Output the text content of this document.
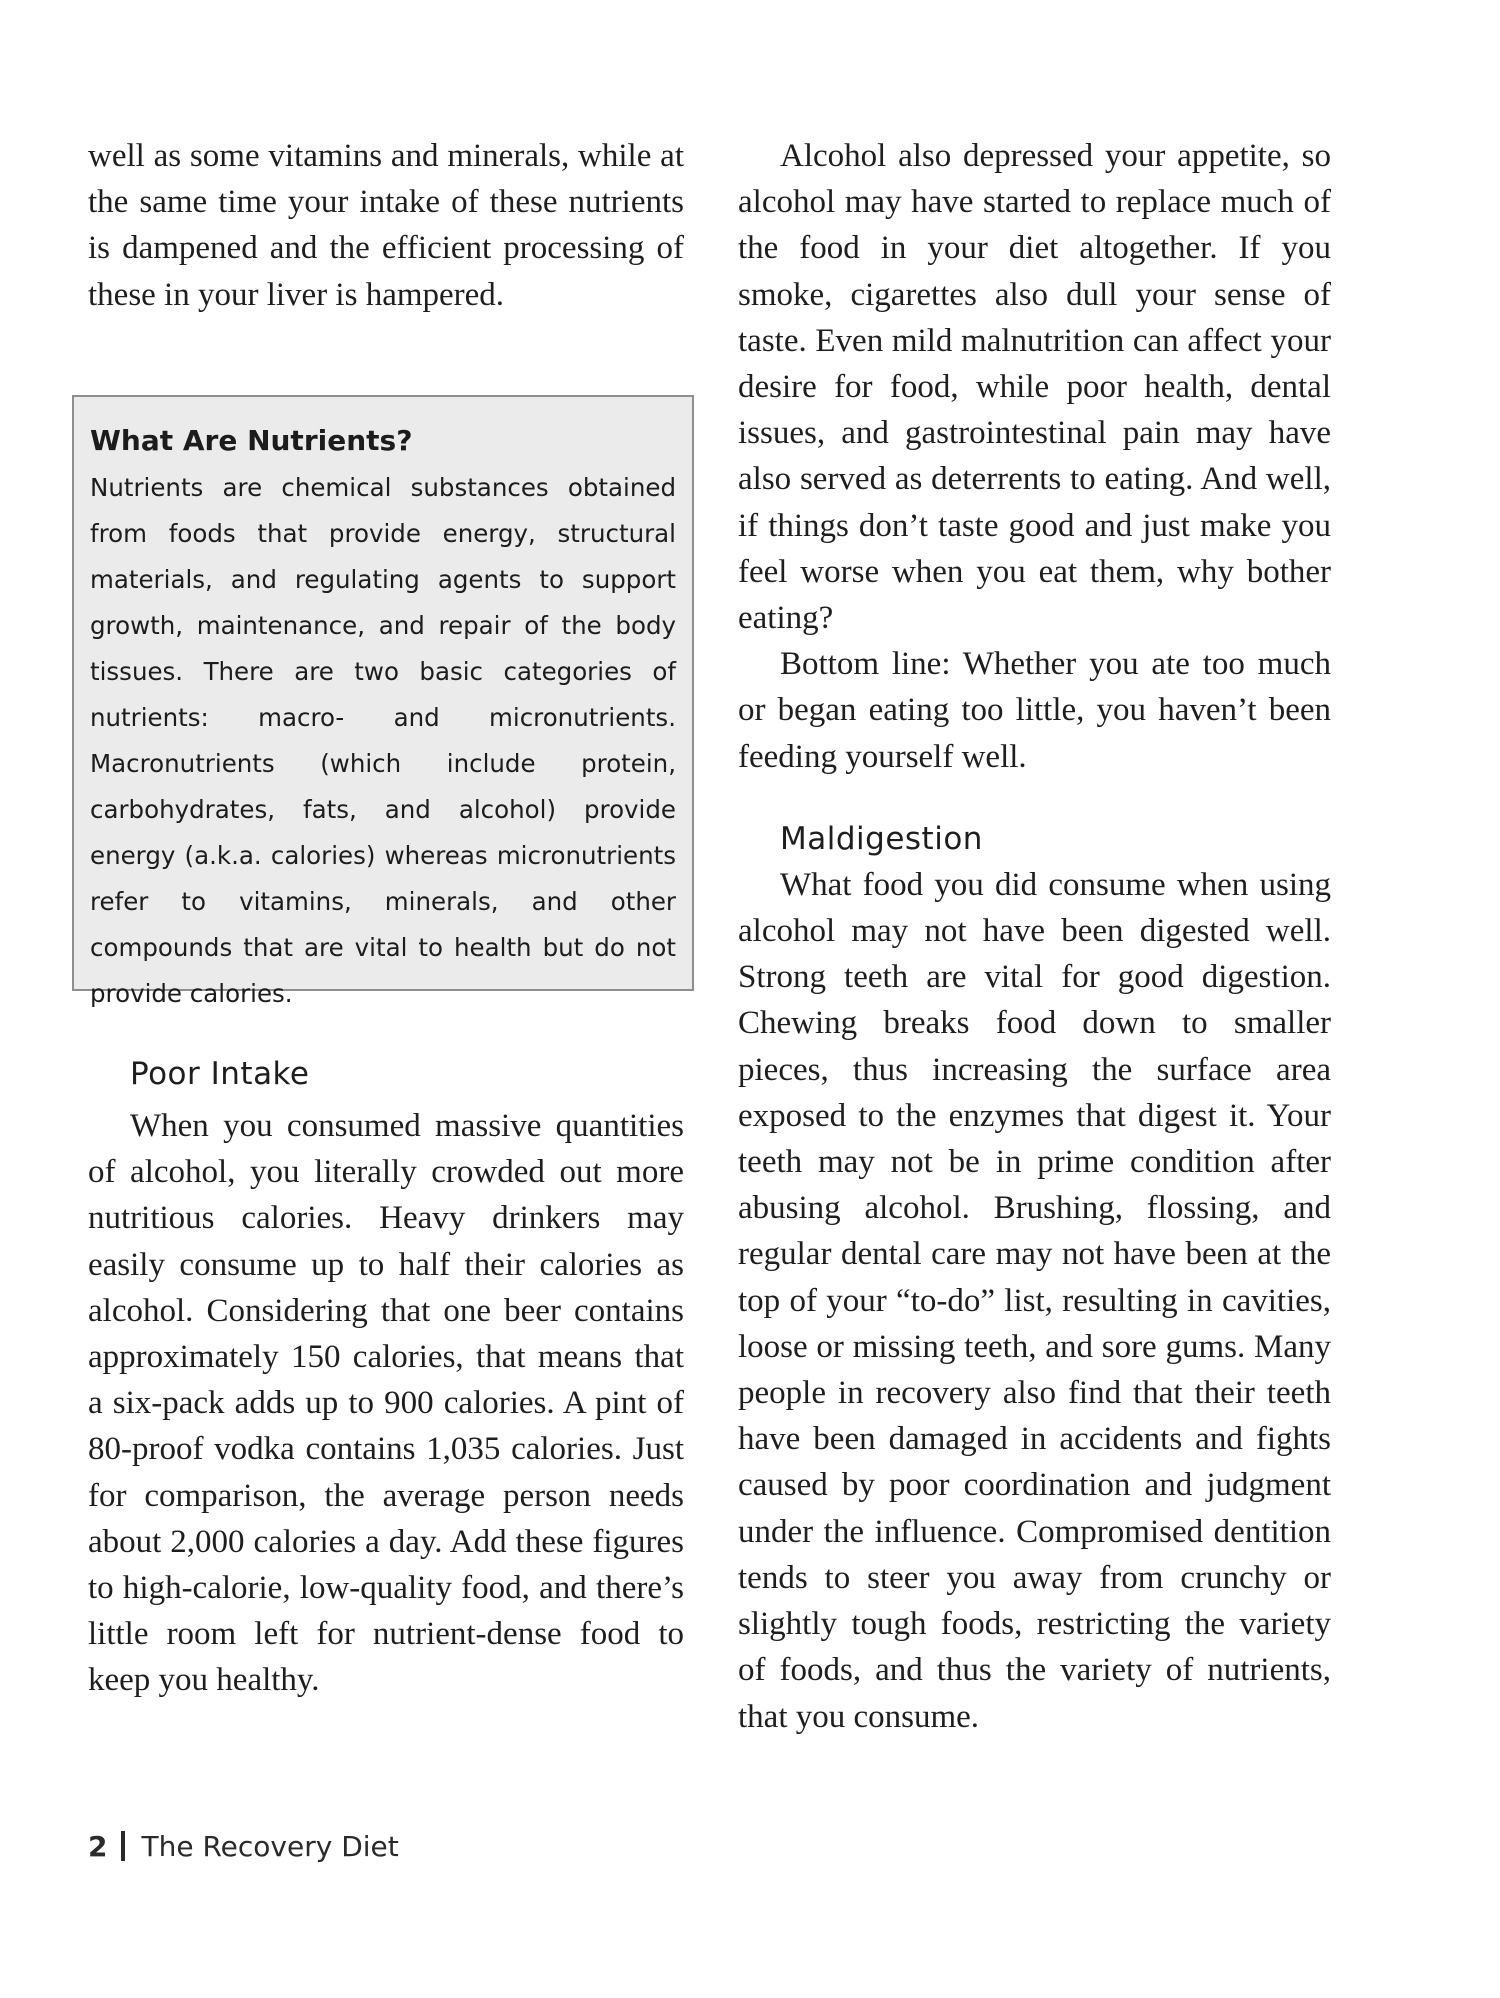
well as some vitamins and minerals, while at the same time your intake of these nutrients is dampened and the efficient processing of these in your liver is hampered.

What Are Nutrients?

Nutrients are chemical substances obtained from foods that provide energy, structural materials, and regulating agents to support growth, maintenance, and repair of the body tissues. There are two basic categories of nutrients: macro- and micronutrients. Macronutrients (which include protein, carbohydrates, fats, and alcohol) provide energy (a.k.a. calories) whereas micronutrients refer to vitamins, minerals, and other compounds that are vital to health but do not provide calories.

Poor Intake

When you consumed massive quantities of alcohol, you literally crowded out more nutritious calories. Heavy drinkers may easily consume up to half their calories as alcohol. Considering that one beer contains approximately 150 calories, that means that a six-pack adds up to 900 calories. A pint of 80-proof vodka contains 1,035 calories. Just for comparison, the average person needs about 2,000 calories a day. Add these figures to high-calorie, low-quality food, and there’s little room left for nutrient-dense food to keep you healthy.

Alcohol also depressed your appetite, so alcohol may have started to replace much of the food in your diet altogether. If you smoke, cigarettes also dull your sense of taste. Even mild malnutrition can affect your desire for food, while poor health, dental issues, and gastrointestinal pain may have also served as deterrents to eating. And well, if things don’t taste good and just make you feel worse when you eat them, why bother eating?

Bottom line: Whether you ate too much or began eating too little, you haven’t been feeding yourself well.

Maldigestion

What food you did consume when using alcohol may not have been digested well. Strong teeth are vital for good digestion. Chewing breaks food down to smaller pieces, thus increasing the surface area exposed to the enzymes that digest it. Your teeth may not be in prime condition after abusing alcohol. Brushing, flossing, and regular dental care may not have been at the top of your “to-do” list, resulting in cavities, loose or missing teeth, and sore gums. Many people in recovery also find that their teeth have been damaged in accidents and fights caused by poor coordination and judgment under the influence. Compromised dentition tends to steer you away from crunchy or slightly tough foods, restricting the variety of foods, and thus the variety of nutrients, that you consume.

2 The Recovery Diet
